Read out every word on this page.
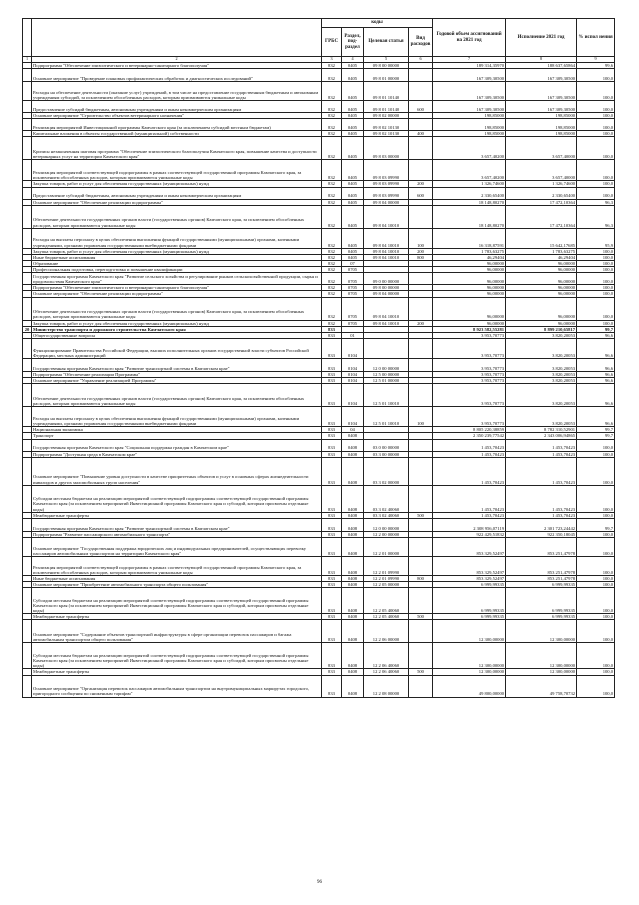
		коды				Годовой объем ассигнований на 2021 год	Исполнение 2021 год	% испол нения
		ГРБС	Раздел, под- раздел	Целевая статья	Вид расходов			
1	2	3	4	5	6	7	8	9
	Подпрограмма "Обеспечение эпизоотического и ветеринарно-санитарного благополучия"	832	0405	09 8 00 00000		189 314,35970	188 637,65864	99,6
	Основное мероприятие "Проведение плановых профилактических обработок и диагностических исследований"	832	0405	09 8 01 00000		167 309,30500	167 309,30500	100,0
	Расходы на обеспечение деятельности (оказание услуг) учреждений, в том числе на предоставление государственным бюджетным и автономным учреждениям субсидий, за исключением обособленных расходов, которым присваиваются уникальные коды	832	0405	09 8 01 10140		167 309,30500	167 309,30500	100,0
	Предоставление субсидий бюджетным, автономным учреждениям и иным некоммерческим организациям	832	0405	09 8 01 10140	600	167 309,30500	167 309,30500	100,0
	Основное мероприятие "Строительство объектов ветеринарного назначения"	832	0405	09 8 02 00000		198,85000	198,85000	100,0
	Реализация мероприятий Инвестиционной программы Камчатского края (за исключением субсидий местным бюджетам)	832	0405	09 8 02 10130		198,85000	198,85000	100,0
	Капитальные вложения в объекты государственной (муниципальной) собственности	832	0405	09 8 02 10130	400	198,85000	198,85000	100,0
	Кризисн незаконченная шаговая программа "Обеспечение эпизоотического благополучия Камчатского края, повышение качества и доступности ветеринарных услуг на территории Камчатского края"	832	0405	09 8 03 00000		3 657,40200	3 657,40000	100,0
	Реализация мероприятий соответствующей подпрограммы в рамках соответствующей государственной программы Камчатского края, за исключением обособленных расходов, которым присваиваются уникальные коды	832	0405	09 8 03 09990		3 657,40200	3 657,40000	100,0
	Закупка товаров, работ и услуг для обеспечения государственных (муниципальных) нужд	832	0405	09 8 03 09990	200	1 326,74600	1 326,74600	100,0
	Предоставление субсидий бюджетным, автономным учреждениям и иным некоммерческим организациям	832	0405	09 8 03 09990	600	2 330,65400	2 330,65400	100,0
	Основное мероприятие "Обеспечение реализации подпрограммы"	832	0405	09 8 04 00000		18 148,80270	17 472,10364	96,3
	Обеспечение деятельности государственных органов власти (государственных органов) Камчатского края, за исключением обособленных расходов, которым присваиваются уникальные коды	832	0405	09 8 04 10010		18 148,80270	17 472,10364	96,3
	Расходы на выплаты персоналу в целях обеспечения выполнения функций государственными (муниципальными) органами, казенными учреждениями, органами управления государственными внебюджетными фондами	832	0405	09 8 04 10010	100	16 318,87591	15 642,17685	95,9
	Закупка товаров, работ и услуг для обеспечения государственных (муниципальных) нужд	832	0405	09 8 04 10010	200	1 783,63275	1 783,63275	100,0
	Иные бюджетные ассигнования	832	0405	09 8 04 10010	800	46,29404	46,29404	100,0
	Образование	832	07			96,00000	96,00000	100,0
	Профессиональная подготовка, переподготовка и повышение квалификации	832	0705			96,00000	96,00000	100,0
	Государственная программа Камчатского края "Развитие сельского хозяйства и регулирование рынков сельскохозяйственной продукции, сырья и продовольствия Камчатского края"	832	0705	09 0 00 00000		96,00000	96,00000	100,0
	Подпрограмма "Обеспечение эпизоотического и ветеринарно-санитарного благополучия"	832	0705	09 8 00 00000		96,00000	96,00000	100,0
	Основное мероприятие "Обеспечение реализации подпрограммы"	832	0705	09 8 04 00000		96,00000	96,00000	100,0
	Обеспечение деятельности государственных органов власти (государственных органов) Камчатского края, за исключением обособленных расходов, которым присваиваются уникальные коды	832	0705	09 8 04 10010		96,00000	96,00000	100,0
	Закупка товаров, работ и услуг для обеспечения государственных (муниципальных) нужд	832	0705	09 8 04 10010	200	96,00000	96,00000	100,0
20	Министерство транспорта и дорожного строительства Камчатского края	833				8 923 582,55281	8 899 210,65817	99,7
	Общегосударственные вопросы	833	01			3 953,70773	3 820,20053	96,6
	Функционирование Правительства Российской Федерации, высших исполнительных органов государственной власти субъектов Российской Федерации, местных администраций	833	0104			3 953,70773	3 820,20053	96,6
	Государственная программа Камчатского края "Развитие транспортной системы в Камчатском крае"	833	0104	12 0 00 00000		3 953,70773	3 820,20053	96,6
	Подпрограмма "Обеспечение реализации Программы"	833	0104	12 5 00 00000		3 953,70773	3 820,20053	96,6
	Основное мероприятие "Управление реализацией Программы"	833	0104	12 5 01 00000		3 953,70773	3 820,20053	96,6
	Обеспечение деятельности государственных органов власти (государственных органов) Камчатского края, за исключением обособленных расходов, которым присваиваются уникальные коды	833	0104	12 5 01 10010		3 953,70773	3 820,20053	96,6
	Расходы на выплаты персоналу в целях обеспечения выполнения функций государственными (муниципальными) органами, казенными учреждениями, органами управления государственными внебюджетными фондами	833	0104	12 5 01 10010	100	3 953,70773	3 820,20053	96,6
	Национальная экономика	833	04			8 805 220,38859	8 782 310,52901	99,7
	Транспорт	833	0408			2 350 239,77542	2 343 006,94865	99,7
	Государственная программа Камчатского края "Социальная поддержка граждан в Камчатском крае"	833	0408	03 0 00 00000		1 453,70423	1 453,70423	100,0
	Подпрограмма "Доступная среда в Камчатском крае"	833	0408	03 3 00 00000		1 453,70423	1 453,70423	100,0
	Основное мероприятие "Повышение уровня доступности в качестве приоритетных объектов и услуг в основных сферах жизнедеятельности инвалидов и других маломобильных групп населения"	833	0408	03 3 02 00000		1 453,70423	1 453,70423	100,0
	Субсидии местным бюджетам на реализацию мероприятий соответствующей подпрограммы соответствующей государственной программы Камчатского края (за исключением мероприятий Инвестиционной программы Камчатского края и субсидий, которым присвоены отдельные коды)	833	0408	03 3 02 40060		1 453,70423	1 453,70423	100,0
	Межбюджетные трансферты	833	0408	03 3 02 40060	500	1 453,70423	1 453,70423	100,0
	Государственная программа Камчатского края "Развитие транспортной системы в Камчатском крае"	833	0408	12 0 00 00000		2 308 956,07119	2 301 723,24442	99,7
	Подпрограмма "Развитие пассажирского автомобильного транспорта"	833	0408	12 2 00 00000		922 429,51832	922 350,18045	100,0
	Основное мероприятие "Государственная поддержка юридических лиц и индивидуальных предпринимателей, осуществляющих перевозку пассажиров автомобильным транспортом на территории Камчатского края"	833	0408	12 2 01 00000		853 329,52497	853 251,47978	100,0
	Реализация мероприятий соответствующей подпрограммы в рамках соответствующей государственной программы Камчатского края, за исключением обособленных расходов, которым присваиваются уникальные коды	833	0408	12 2 01 09990		853 329,52497	853 251,47978	100,0
	Иные бюджетные ассигнования	833	0408	12 2 01 09990	800	853 329,52497	853 251,47978	100,0
	Основное мероприятие "Приобретение автомобильного транспорта общего пользования"	833	0408	12 2 05 00000		6 999,99335	6 999,99335	100,0
	Субсидии местным бюджетам на реализацию мероприятий соответствующей подпрограммы соответствующей государственной программы Камчатского края (за исключением мероприятий Инвестиционной программы Камчатского края и субсидий, которым присвоены отдельные коды)	833	0408	12 2 05 40060		6 999,99335	6 999,99335	100,0
	Межбюджетные трансферты	833	0408	12 2 05 40060	500	6 999,99335	6 999,99335	100,0
	Основное мероприятие "Содержание объектов транспортной инфраструктуры в сфере организации перевозок пассажиров и багажа автомобильным транспортом общего пользования"	833	0408	12 2 06 00000		12 300,00000	12 300,00000	100,0
	Субсидии местным бюджетам на реализацию мероприятий соответствующей подпрограммы соответствующей государственной программы Камчатского края (за исключением мероприятий Инвестиционной программы Камчатского края и субсидий, которым присвоены отдельные коды)	833	0408	12 2 06 40060		12 300,00000	12 300,00000	100,0
	Межбюджетные трансферты	833	0408	12 2 06 40060	500	12 300,00000	12 300,00000	100,0
	Основное мероприятие "Организация перевозок пассажиров автомобильным транспортом на внутримуниципальных маршрутах городского, пригородного сообщения по сниженным тарифам"	833	0408	12 2 08 00000		49 800,00000	49 758,70732	100,0
96
